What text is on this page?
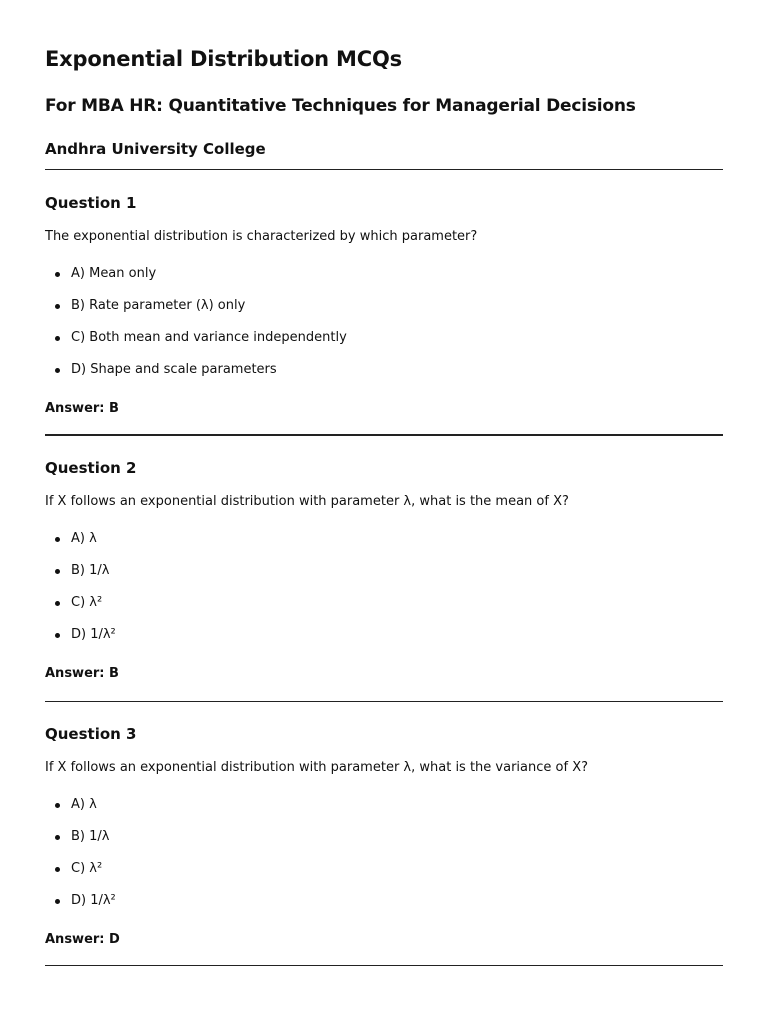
Exponential Distribution MCQs
For MBA HR: Quantitative Techniques for Managerial Decisions
Andhra University College
Question 1

The exponential distribution is characterized by which parameter?

A) Mean only
B) Rate parameter (λ) only
C) Both mean and variance independently
D) Shape and scale parameters

Answer: B

Question 2

If X follows an exponential distribution with parameter λ, what is the mean of X?

A) λ
B) 1/λ
C) λ²
D) 1/λ²

Answer: B

Question 3

If X follows an exponential distribution with parameter λ, what is the variance of X?

A) λ
B) 1/λ
C) λ²
D) 1/λ²

Answer: D
